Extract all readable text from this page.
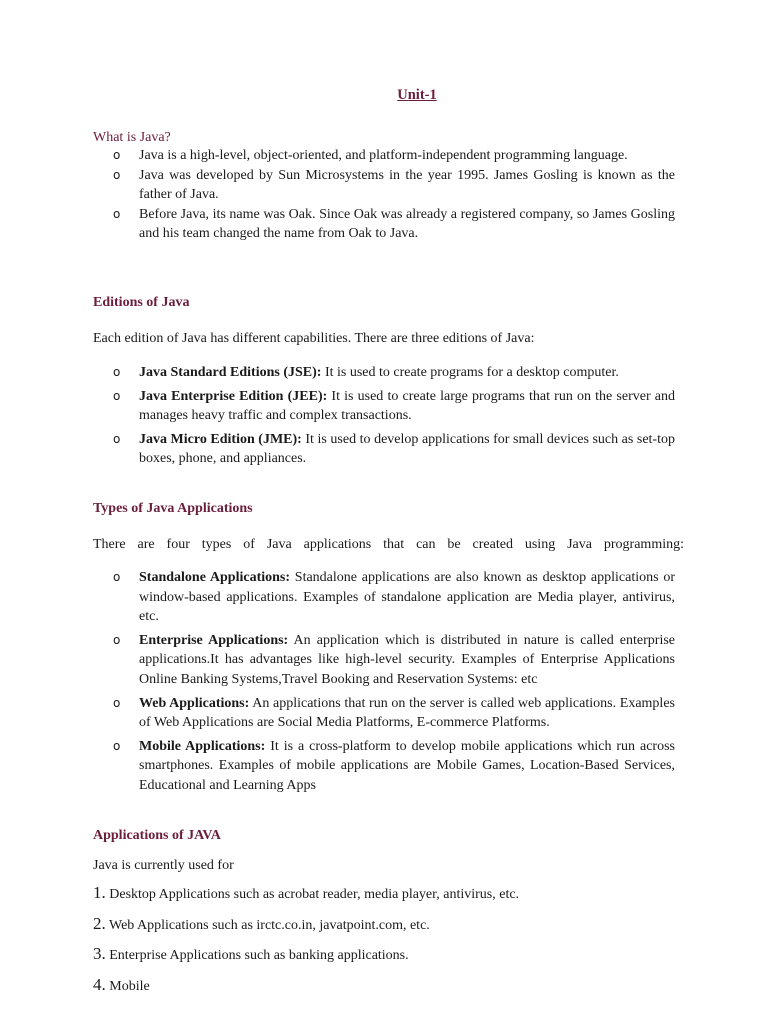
Unit-1
What is Java?
o Java is a high-level, object-oriented, and platform-independent programming language.
o Java was developed by Sun Microsystems in the year 1995. James Gosling is known as the father of Java.
o Before Java, its name was Oak. Since Oak was already a registered company, so James Gosling and his team changed the name from Oak to Java.
Editions of Java
Each edition of Java has different capabilities. There are three editions of Java:
o Java Standard Editions (JSE): It is used to create programs for a desktop computer.
o Java Enterprise Edition (JEE): It is used to create large programs that run on the server and manages heavy traffic and complex transactions.
o Java Micro Edition (JME): It is used to develop applications for small devices such as set-top boxes, phone, and appliances.
Types of Java Applications
There are four types of Java applications that can be created using Java programming:
o Standalone Applications: Standalone applications are also known as desktop applications or window-based applications. Examples of standalone application are Media player, antivirus, etc.
o Enterprise Applications: An application which is distributed in nature is called enterprise applications.It has advantages like high-level security. Examples of Enterprise Applications Online Banking Systems,Travel Booking and Reservation Systems: etc
o Web Applications: An applications that run on the server is called web applications. Examples of Web Applications are Social Media Platforms, E-commerce Platforms.
o Mobile Applications: It is a cross-platform to develop mobile applications which run across smartphones. Examples of mobile applications are Mobile Games, Location-Based Services, Educational and Learning Apps
Applications of JAVA
Java is currently used for
1. Desktop Applications such as acrobat reader, media player, antivirus, etc.
2. Web Applications such as irctc.co.in, javatpoint.com, etc.
3. Enterprise Applications such as banking applications.
4. Mobile
